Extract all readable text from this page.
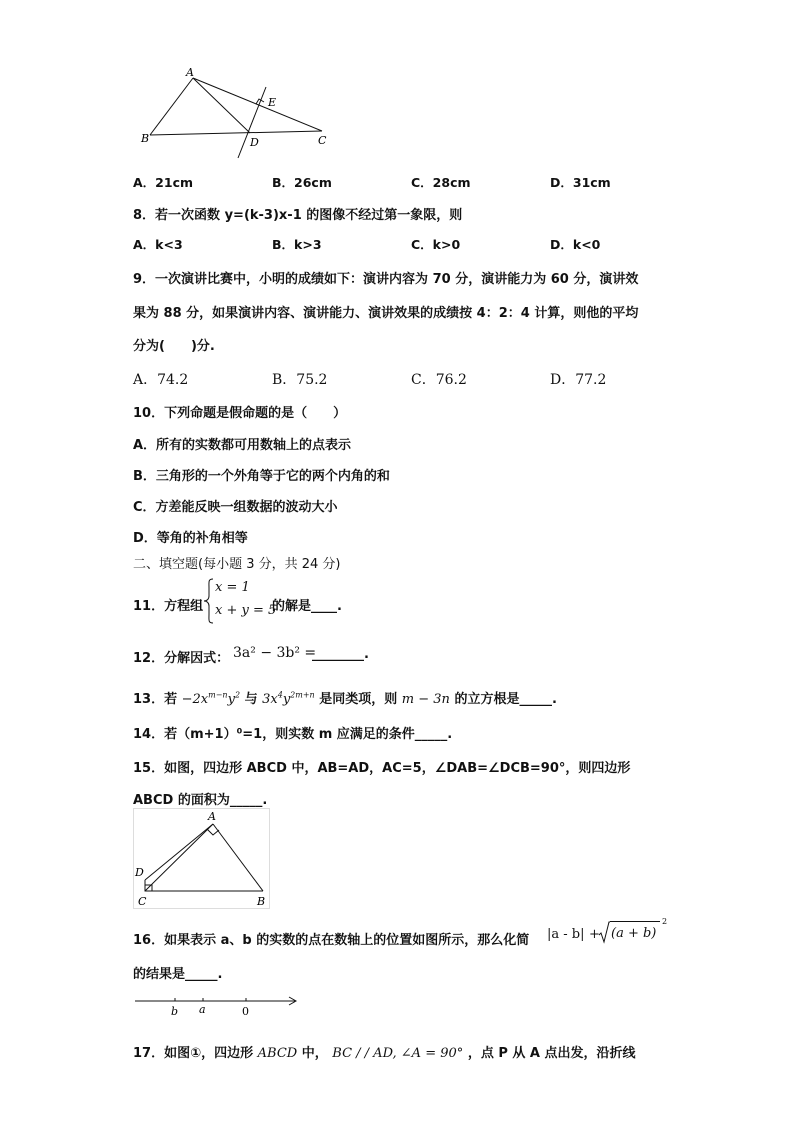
A
B	C
D
E
A．21cm	B．26cm	C．28cm	D．31cm
8．若一次函数 y=(k-3)x-1 的图像不经过第一象限，则
A．k<3	B．k>3	C．k>0	D．k<0
9．一次演讲比赛中，小明的成绩如下：演讲内容为 70 分，演讲能力为 60 分，演讲效
果为 88 分，如果演讲内容、演讲能力、演讲效果的成绩按 4：2：4 计算，则他的平均
分为(　　)分.
A．74.2	B．75.2	C．76.2	D．77.2
10．下列命题是假命题的是（　　）
A．所有的实数都可用数轴上的点表示
B．三角形的一个外角等于它的两个内角的和
C．方差能反映一组数据的波动大小
D．等角的补角相等
二、填空题(每小题 3 分，共 24 分)
11．方程组
x = 1
x + y = 5
的解是____.
12．分解因式： 3a² − 3b² =
________.
13．若 $-2x^{m-n}y^2$ 与 $3x^4y^{2m+n}$ 是同类项，则 m − 3n 的立方根是_____.
14．若（m+1）⁰=1，则实数 m 应满足的条件_____.
15．如图，四边形 ABCD 中，AB=AD，AC=5，∠DAB=∠DCB=90°，则四边形
ABCD 的面积为_____.
A
D
C	B
16．如果表示 a、b 的实数的点在数轴上的位置如图所示，那么化简 |a - b| + (a + b)
2
的结果是_____.
b a	0
17．如图①，四边形 ABCD 中， BC / / AD, ∠A = 90° ，点 P 从 A 点出发，沿折线
